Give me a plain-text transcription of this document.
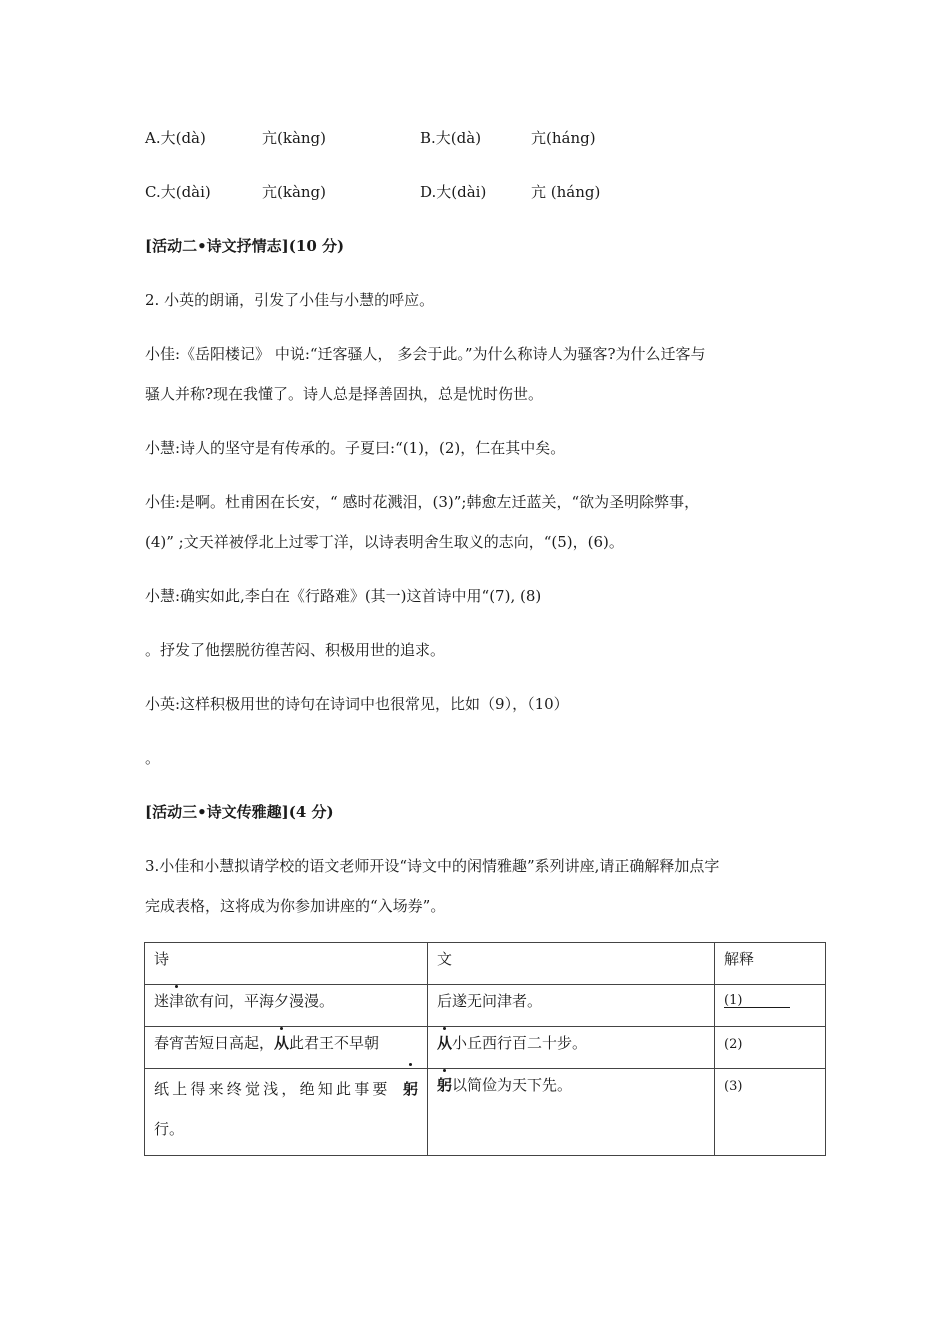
A.大(dà)	亢(kàng)	B.大(dà)	亢(háng)
C.大(dài)	亢(kàng)	D.大(dài)	亢 (háng)
[活动二•诗文抒情志](10 分)
2. 小英的朗诵，引发了小佳与小慧的呼应。
小佳:《岳阳楼记》 中说:“迁客骚人， 多会于此。”为什么称诗人为骚客?为什么迁客与
骚人并称?现在我懂了。诗人总是择善固执，总是忧时伤世。
小慧:诗人的坚守是有传承的。子夏曰:“(1)，(2)，仁在其中矣。
小佳:是啊。杜甫困在长安，“ 感时花溅泪，(3)”;韩愈左迁蓝关，“欲为圣明除弊事，
(4)” ;文天祥被俘北上过零丁洋，以诗表明舍生取义的志向，“(5)，(6)。
小慧:确实如此,李白在《行路难》(其一)这首诗中用“(7), (8)
。抒发了他摆脱彷徨苦闷、积极用世的追求。
小英:这样积极用世的诗句在诗词中也很常见，比如（9），（10）
。
[活动三•诗文传雅趣](4 分)
3.小佳和小慧拟请学校的语文老师开设“诗文中的闲情雅趣”系列讲座,请正确解释加点字
完成表格，这将成为你参加讲座的“入场券”。
诗	文	解释
迷津欲有问，平海夕漫漫。	后遂无问津者。	(1)
春宵苦短日高起，从此君王不早朝	从小丘西行百二十步。	(2)

纸上得来终觉浅，绝知此事要 躬
行。	躬以简俭为天下先。	(3)
